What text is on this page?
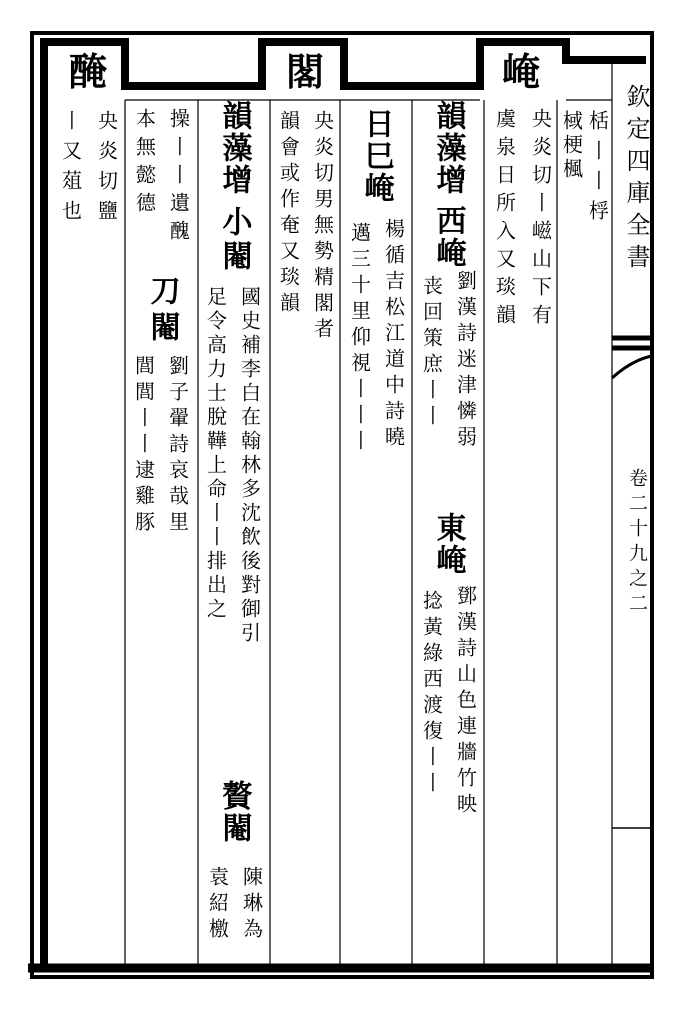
欽定四庫全書
卷二十九之二
栝丨丨桴
棫梗楓
崦
央炎切丨嵫山下有
虞泉日所入又琰韻
韻藻增
西崦
劉漢詩迷津憐弱
丧回策庶丨丨
東崦
鄧漢詩山色連牆竹映
捻黃綠西渡復丨丨
日巳崦
楊循吉松江道中詩曉
邁三十里仰視丨丨丨
閣
央炎切男無勢精閣者
韻會或作奄又琰韻
韻藻增
小閹
國史補李白在翰林多沈飲後對御引
足令高力士脫鞾上命丨丨排出之
贅閹
陳琳為
袁紹檄
操丨丨遺醜
本無懿德
刀閹
劉子翬詩哀哉里
閭閭丨丨逮雞豚
醃
央炎切鹽
丨又葅也
